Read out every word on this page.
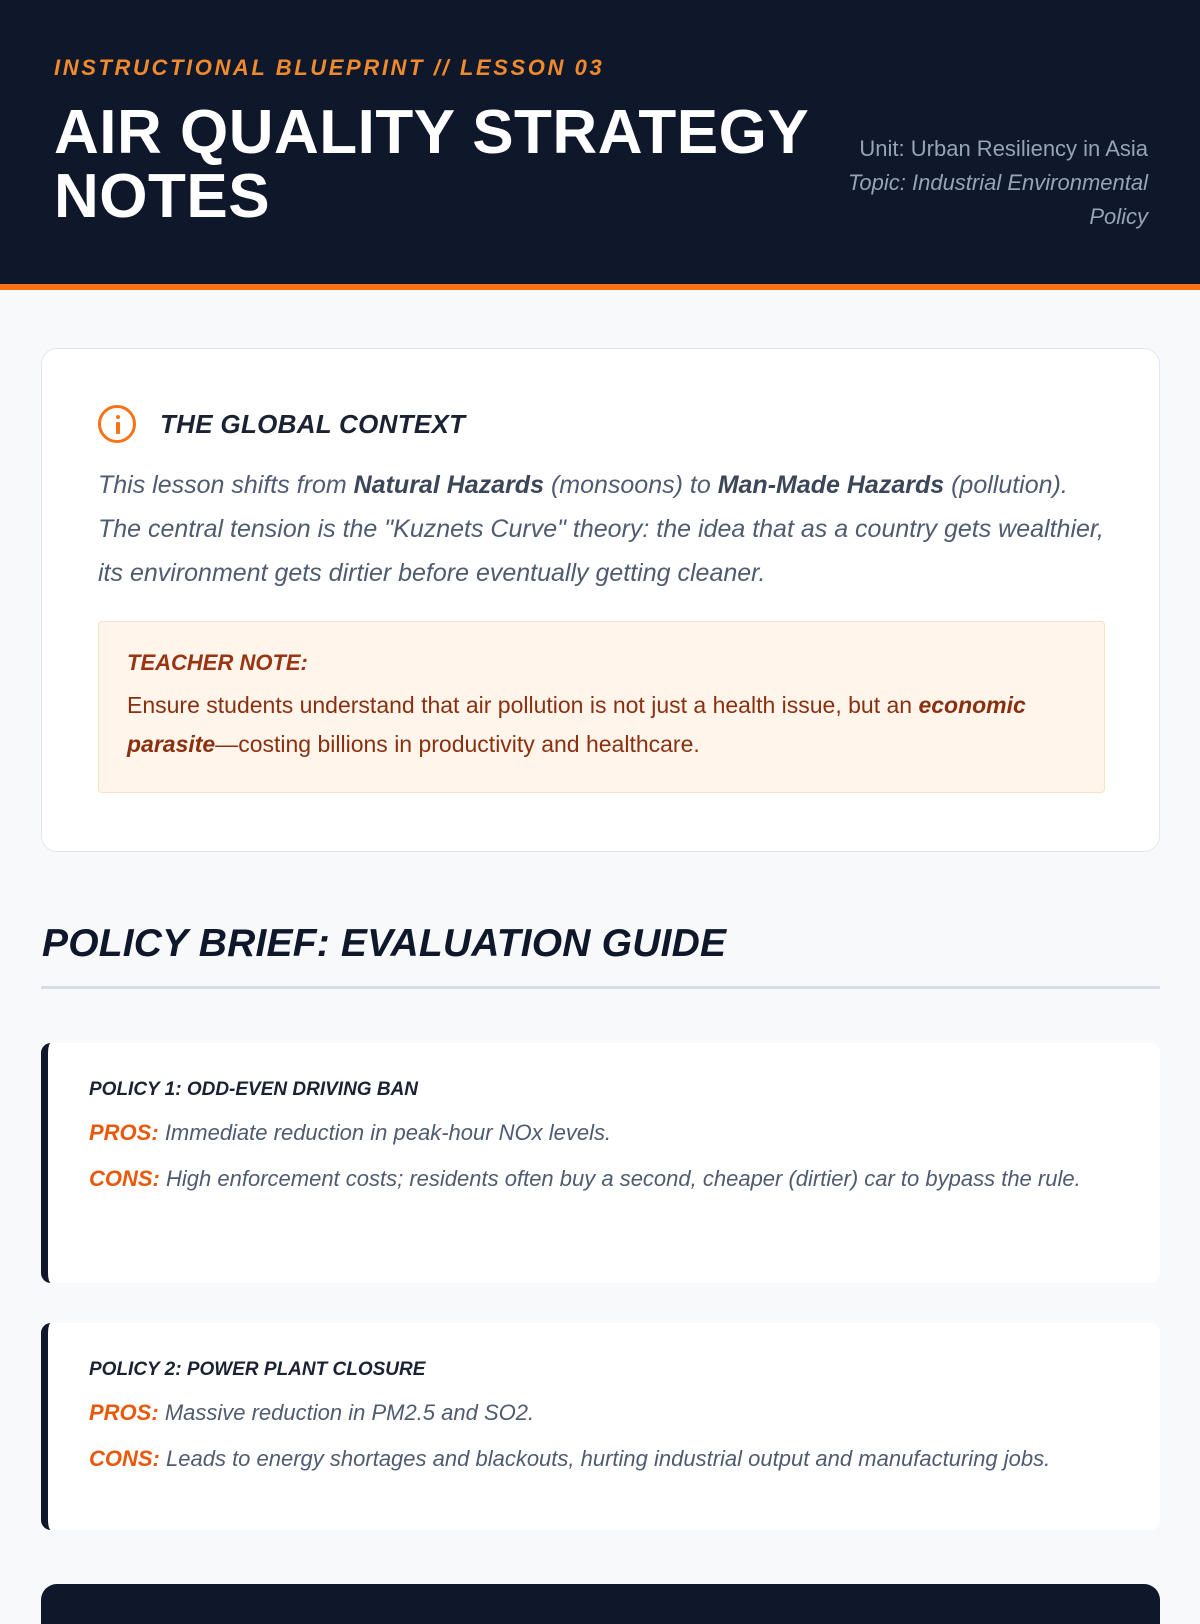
INSTRUCTIONAL BLUEPRINT // LESSON 03
AIR QUALITY STRATEGY NOTES
Unit: Urban Resiliency in Asia
Topic: Industrial Environmental Policy
THE GLOBAL CONTEXT

This lesson shifts from Natural Hazards (monsoons) to Man-Made Hazards (pollution). The central tension is the "Kuznets Curve" theory: the idea that as a country gets wealthier, its environment gets dirtier before eventually getting cleaner.

TEACHER NOTE:

Ensure students understand that air pollution is not just a health issue, but an economic parasite—costing billions in productivity and healthcare.

POLICY BRIEF: EVALUATION GUIDE
POLICY 1: ODD-EVEN DRIVING BAN

PROS: Immediate reduction in peak-hour NOx levels.

CONS: High enforcement costs; residents often buy a second, cheaper (dirtier) car to bypass the rule.

POLICY 2: POWER PLANT CLOSURE

PROS: Massive reduction in PM2.5 and SO2.

CONS: Leads to energy shortages and blackouts, hurting industrial output and manufacturing jobs.
